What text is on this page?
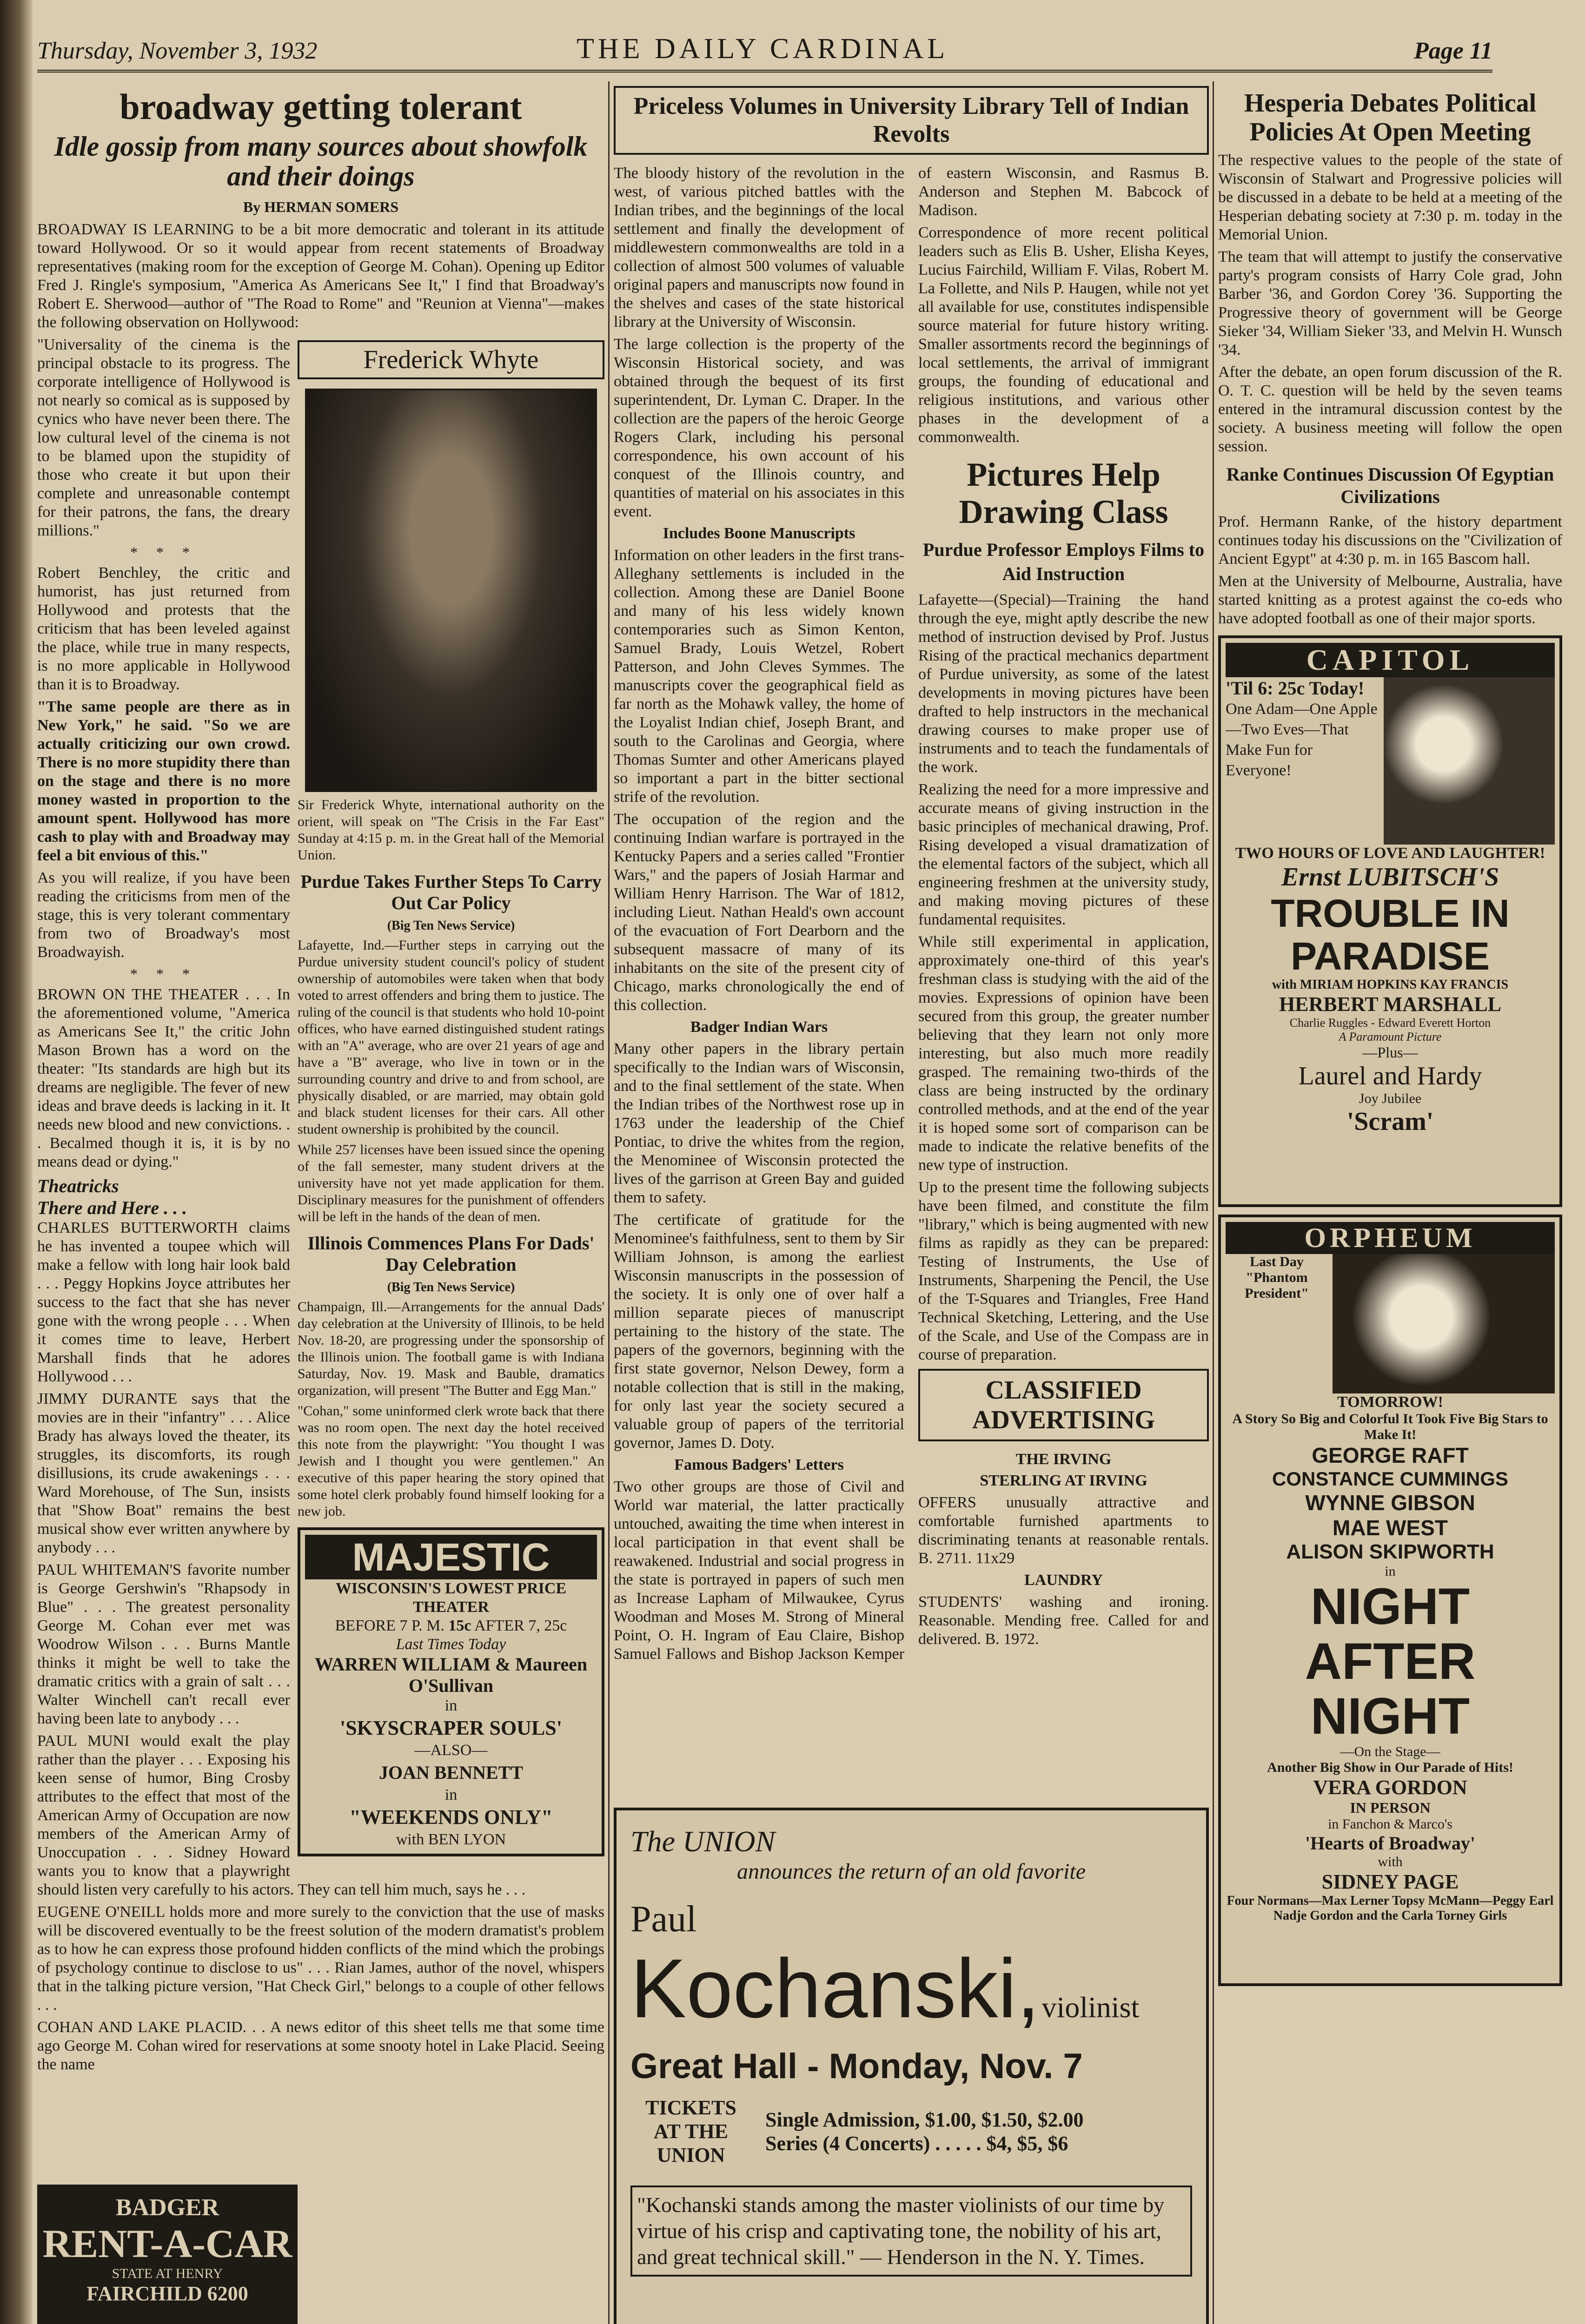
Thursday, November 3, 1932	THE DAILY CARDINAL	Page 11
broadway getting tolerant
Idle gossip from many sources about showfolk and their doings
By HERMAN SOMERS

BROADWAY IS LEARNING to be a bit more democratic and tolerant in its attitude toward Hollywood. Or so it would appear from recent statements of Broadway representatives (making room for the exception of George M. Cohan). Opening up Editor Fred J. Ringle's symposium, "America As Americans See It," I find that Broadway's Robert E. Sherwood—author of "The Road to Rome" and "Reunion at Vienna"—makes the following observation on Hollywood:

Frederick Whyte

Sir Frederick Whyte, international authority on the orient, will speak on "The Crisis in the Far East" Sunday at 4:15 p. m. in the Great hall of the Memorial Union.

Purdue Takes Further Steps To Carry Out Car Policy
(Big Ten News Service)

Lafayette, Ind.—Further steps in carrying out the Purdue university student council's policy of student ownership of automobiles were taken when that body voted to arrest offenders and bring them to justice. The ruling of the council is that students who hold 10-point offices, who have earned distinguished student ratings with an "A" average, who are over 21 years of age and have a "B" average, who live in town or in the surrounding country and drive to and from school, are physically disabled, or are married, may obtain gold and black student licenses for their cars. All other student ownership is prohibited by the council.

While 257 licenses have been issued since the opening of the fall semester, many student drivers at the university have not yet made application for them. Disciplinary measures for the punishment of offenders will be left in the hands of the dean of men.

Illinois Commences Plans For Dads' Day Celebration
(Big Ten News Service)

Champaign, Ill.—Arrangements for the annual Dads' day celebration at the University of Illinois, to be held Nov. 18-20, are progressing under the sponsorship of the Illinois union. The football game is with Indiana Saturday, Nov. 19. Mask and Bauble, dramatics organization, will present "The Butter and Egg Man."

"Cohan," some uninformed clerk wrote back that there was no room open. The next day the hotel received this note from the playwright: "You thought I was Jewish and I thought you were gentlemen." An executive of this paper hearing the story opined that some hotel clerk probably found himself looking for a new job.

MAJESTIC
WISCONSIN'S LOWEST PRICE THEATER
BEFORE 7 P. M. 15c AFTER 7, 25c
Last Times Today
WARREN WILLIAM & Maureen O'Sullivan
in
'SKYSCRAPER SOULS'
—ALSO—
JOAN BENNETT
in
"WEEKENDS ONLY"
with BEN LYON

"Universality of the cinema is the principal obstacle to its progress. The corporate intelligence of Hollywood is not nearly so comical as is supposed by cynics who have never been there. The low cultural level of the cinema is not to be blamed upon the stupidity of those who create it but upon their complete and unreasonable contempt for their patrons, the fans, the dreary millions."

* * *

Robert Benchley, the critic and humorist, has just returned from Hollywood and protests that the criticism that has been leveled against the place, while true in many respects, is no more applicable in Hollywood than it is to Broadway.

"The same people are there as in New York," he said. "So we are actually criticizing our own crowd. There is no more stupidity there than on the stage and there is no more money wasted in proportion to the amount spent. Hollywood has more cash to play with and Broadway may feel a bit envious of this."

As you will realize, if you have been reading the criticisms from men of the stage, this is very tolerant commentary from two of Broadway's most Broadwayish.

* * *

BROWN ON THE THEATER . . . In the aforementioned volume, "America as Americans See It," the critic John Mason Brown has a word on the theater: "Its standards are high but its dreams are negligible. The fever of new ideas and brave deeds is lacking in it. It needs new blood and new convictions. . . Becalmed though it is, it is by no means dead or dying."

Theatricks
There and Here . . .

CHARLES BUTTERWORTH claims he has invented a toupee which will make a fellow with long hair look bald . . . Peggy Hopkins Joyce attributes her success to the fact that she has never gone with the wrong people . . . When it comes time to leave, Herbert Marshall finds that he adores Hollywood . . .

JIMMY DURANTE says that the movies are in their "infantry" . . . Alice Brady has always loved the theater, its struggles, its discomforts, its rough disillusions, its crude awakenings . . . Ward Morehouse, of The Sun, insists that "Show Boat" remains the best musical show ever written anywhere by anybody . . .

PAUL WHITEMAN'S favorite number is George Gershwin's "Rhapsody in Blue" . . . The greatest personality George M. Cohan ever met was Woodrow Wilson . . . Burns Mantle thinks it might be well to take the dramatic critics with a grain of salt . . . Walter Winchell can't recall ever having been late to anybody . . .

PAUL MUNI would exalt the play rather than the player . . . Exposing his keen sense of humor, Bing Crosby attributes to the effect that most of the American Army of Occupation are now members of the American Army of Unoccupation . . . Sidney Howard wants you to know that a playwright should listen very carefully to his actors. They can tell him much, says he . . .

EUGENE O'NEILL holds more and more surely to the conviction that the use of masks will be discovered eventually to be the freest solution of the modern dramatist's problem as to how he can express those profound hidden conflicts of the mind which the probings of psychology continue to disclose to us" . . . Rian James, author of the novel, whispers that in the talking picture version, "Hat Check Girl," belongs to a couple of other fellows . . .

COHAN AND LAKE PLACID. . . A news editor of this sheet tells me that some time ago George M. Cohan wired for reservations at some snooty hotel in Lake Placid. Seeing the name

BADGER
RENT-A-CAR
STATE AT HENRY
FAIRCHILD 6200
Priceless Volumes in University Library Tell of Indian Revolts

The bloody history of the revolution in the west, of various pitched battles with the Indian tribes, and the beginnings of the local settlement and finally the development of middlewestern commonwealths are told in a collection of almost 500 volumes of valuable original papers and manuscripts now found in the shelves and cases of the state historical library at the University of Wisconsin.

The large collection is the property of the Wisconsin Historical society, and was obtained through the bequest of its first superintendent, Dr. Lyman C. Draper. In the collection are the papers of the heroic George Rogers Clark, including his personal correspondence, his own account of his conquest of the Illinois country, and quantities of material on his associates in this event.

Includes Boone Manuscripts

Information on other leaders in the first trans-Alleghany settlements is included in the collection. Among these are Daniel Boone and many of his less widely known contemporaries such as Simon Kenton, Samuel Brady, Louis Wetzel, Robert Patterson, and John Cleves Symmes. The manuscripts cover the geographical field as far north as the Mohawk valley, the home of the Loyalist Indian chief, Joseph Brant, and south to the Carolinas and Georgia, where Thomas Sumter and other Americans played so important a part in the bitter sectional strife of the revolution.

The occupation of the region and the continuing Indian warfare is portrayed in the Kentucky Papers and a series called "Frontier Wars," and the papers of Josiah Harmar and William Henry Harrison. The War of 1812, including Lieut. Nathan Heald's own account of the evacuation of Fort Dearborn and the subsequent massacre of many of its inhabitants on the site of the present city of Chicago, marks chronologically the end of this collection.

Badger Indian Wars

Many other papers in the library pertain specifically to the Indian wars of Wisconsin, and to the final settlement of the state. When the Indian tribes of the Northwest rose up in 1763 under the leadership of the Chief Pontiac, to drive the whites from the region, the Menominee of Wisconsin protected the lives of the garrison at Green Bay and guided them to safety.

The certificate of gratitude for the Menominee's faithfulness, sent to them by Sir William Johnson, is among the earliest Wisconsin manuscripts in the possession of the society. It is only one of over half a million separate pieces of manuscript pertaining to the history of the state. The papers of the governors, beginning with the first state governor, Nelson Dewey, form a notable collection that is still in the making, for only last year the society secured a valuable group of papers of the territorial governor, James D. Doty.

Famous Badgers' Letters

Two other groups are those of Civil and World war material, the latter practically untouched, awaiting the time when interest in local participation in that event shall be reawakened. Industrial and social progress in the state is portrayed in papers of such men as Increase Lapham of Milwaukee, Cyrus Woodman and Moses M. Strong of Mineral Point, O. H. Ingram of Eau Claire, Bishop Samuel Fallows and Bishop Jackson Kemper of eastern Wisconsin, and Rasmus B. Anderson and Stephen M. Babcock of Madison.

Correspondence of more recent political leaders such as Elis B. Usher, Elisha Keyes, Lucius Fairchild, William F. Vilas, Robert M. La Follette, and Nils P. Haugen, while not yet all available for use, constitutes indispensible source material for future history writing. Smaller assortments record the beginnings of local settlements, the arrival of immigrant groups, the founding of educational and religious institutions, and various other phases in the development of a commonwealth.

Pictures Help
Drawing Class
Purdue Professor Employs Films to Aid Instruction

Lafayette—(Special)—Training the hand through the eye, might aptly describe the new method of instruction devised by Prof. Justus Rising of the practical mechanics department of Purdue university, as some of the latest developments in moving pictures have been drafted to help instructors in the mechanical drawing courses to make proper use of instruments and to teach the fundamentals of the work.

Realizing the need for a more impressive and accurate means of giving instruction in the basic principles of mechanical drawing, Prof. Rising developed a visual dramatization of the elemental factors of the subject, which all engineering freshmen at the university study, and making moving pictures of these fundamental requisites.

While still experimental in application, approximately one-third of this year's freshman class is studying with the aid of the movies. Expressions of opinion have been secured from this group, the greater number believing that they learn not only more interesting, but also much more readily grasped. The remaining two-thirds of the class are being instructed by the ordinary controlled methods, and at the end of the year it is hoped some sort of comparison can be made to indicate the relative benefits of the new type of instruction.

Up to the present time the following subjects have been filmed, and constitute the film "library," which is being augmented with new films as rapidly as they can be prepared: Testing of Instruments, the Use of Instruments, Sharpening the Pencil, the Use of the T-Squares and Triangles, Free Hand Technical Sketching, Lettering, and the Use of the Scale, and Use of the Compass are in course of preparation.

CLASSIFIED
ADVERTISING
THE IRVING
STERLING AT IRVING

OFFERS unusually attractive and comfortable furnished apartments to discriminating tenants at reasonable rentals. B. 2711. 11x29

LAUNDRY

STUDENTS' washing and ironing. Reasonable. Mending free. Called for and delivered. B. 1972.

The UNION
announces the return of an old favorite
Paul
Kochanski, violinist
Great Hall - Monday, Nov. 7
TICKETS AT THE UNION
Single Admission, $1.00, $1.50, $2.00
Series (4 Concerts) . . . . . $4, $5, $6
"Kochanski stands among the master violinists of our time by virtue of his crisp and captivating tone, the nobility of his art, and great technical skill." — Henderson in the N. Y. Times.
Hesperia Debates Political Policies At Open Meeting

The respective values to the people of the state of Wisconsin of Stalwart and Progressive policies will be discussed in a debate to be held at a meeting of the Hesperian debating society at 7:30 p. m. today in the Memorial Union.

The team that will attempt to justify the conservative party's program consists of Harry Cole grad, John Barber '36, and Gordon Corey '36. Supporting the Progressive theory of government will be George Sieker '34, William Sieker '33, and Melvin H. Wunsch '34.

After the debate, an open forum discussion of the R. O. T. C. question will be held by the seven teams entered in the intramural discussion contest by the society. A business meeting will follow the open session.

Ranke Continues Discussion Of Egyptian Civilizations

Prof. Hermann Ranke, of the history department continues today his discussions on the "Civilization of Ancient Egypt" at 4:30 p. m. in 165 Bascom hall.

Men at the University of Melbourne, Australia, have started knitting as a protest against the co-eds who have adopted football as one of their major sports.

CAPITOL
'Til 6: 25c Today!
One Adam—One Apple—Two Eves—That Make Fun for Everyone!
TWO HOURS OF LOVE AND LAUGHTER!
Ernst LUBITSCH'S
TROUBLE IN PARADISE
with MIRIAM HOPKINS KAY FRANCIS
HERBERT MARSHALL
Charlie Ruggles - Edward Everett Horton
A Paramount Picture
—Plus—
Laurel and Hardy
Joy Jubilee
'Scram'
ORPHEUM
Last Day "Phantom President"
TOMORROW!
A Story So Big and Colorful It Took Five Big Stars to Make It!
GEORGE RAFT
CONSTANCE CUMMINGS
WYNNE GIBSON
MAE WEST
ALISON SKIPWORTH
in
NIGHT AFTER NIGHT
—On the Stage—
Another Big Show in Our Parade of Hits!
VERA GORDON
IN PERSON
in Fanchon & Marco's
'Hearts of Broadway'
with
SIDNEY PAGE
Four Normans—Max Lerner Topsy McMann—Peggy Earl Nadje Gordon and the Carla Torney Girls
